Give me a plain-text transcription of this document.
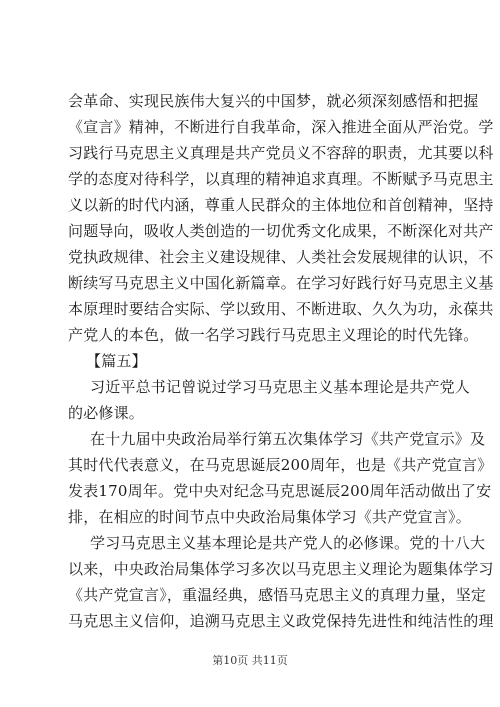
会革命、实现民族伟大复兴的中国梦，就必须深刻感悟和把握
《宣言》精神，不断进行自我革命，深入推进全面从严治党。学
习践行马克思主义真理是共产党员义不容辞的职责，尤其要以科
学的态度对待科学，以真理的精神追求真理。不断赋予马克思主
义以新的时代内涵，尊重人民群众的主体地位和首创精神，坚持
问题导向，吸收人类创造的一切优秀文化成果，不断深化对共产
党执政规律、社会主义建设规律、人类社会发展规律的认识，不
断续写马克思主义中国化新篇章。在学习好践行好马克思主义基
本原理时要结合实际、学以致用、不断进取、久久为功，永葆共
产党人的本色，做一名学习践行马克思主义理论的时代先锋。
【篇五】
习近平总书记曾说过学习马克思主义基本理论是共产党人
的必修课。
在十九届中央政治局举行第五次集体学习《共产党宣示》及
其时代代表意义，在马克思诞辰200周年，也是《共产党宣言》
发表170周年。党中央对纪念马克思诞辰200周年活动做出了安
排，在相应的时间节点中央政治局集体学习《共产党宣言》。
学习马克思主义基本理论是共产党人的必修课。党的十八大
以来，中央政治局集体学习多次以马克思主义理论为题集体学习
《共产党宣言》，重温经典，感悟马克思主义的真理力量，坚定
马克思主义信仰，追溯马克思主义政党保持先进性和纯洁性的理
第10页 共11页
